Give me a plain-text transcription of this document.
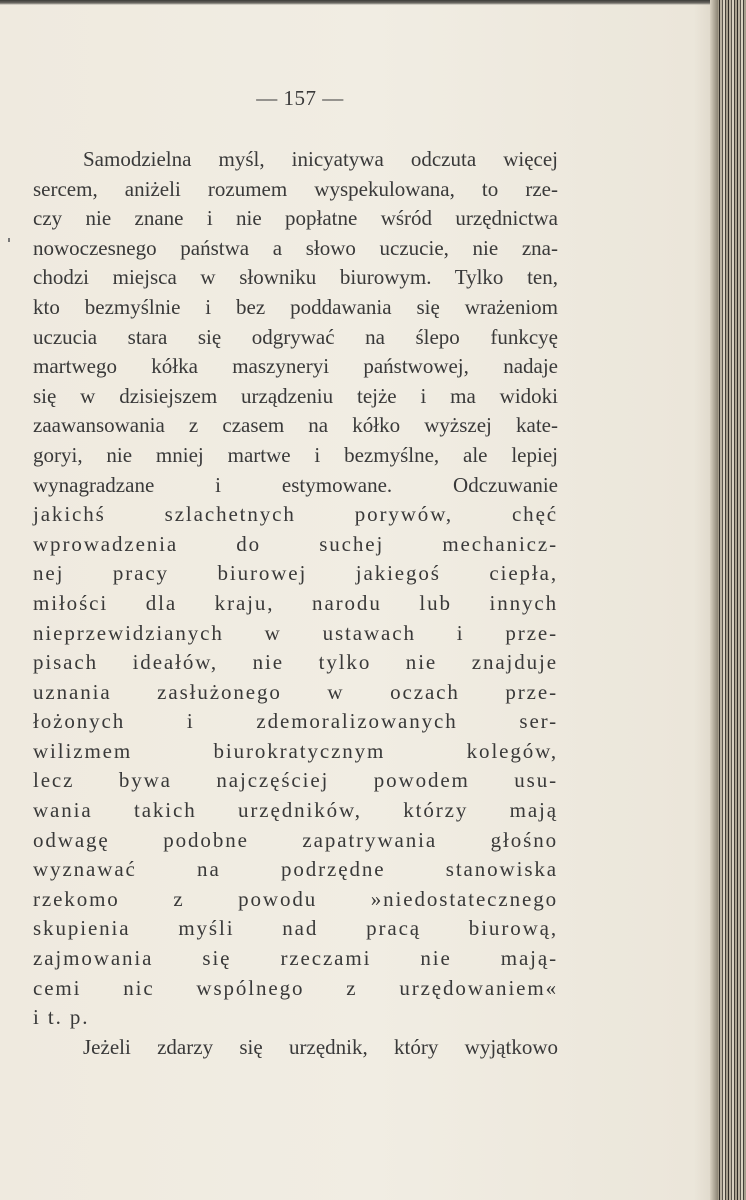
— 157 —
Samodzielna myśl, inicyatywa odczuta więcej
sercem, aniżeli rozumem wyspekulowana, to rze-
czy nie znane i nie popłatne wśród urzędnictwa
nowoczesnego państwa a słowo uczucie, nie zna-
chodzi miejsca w słowniku biurowym. Tylko ten,
kto bezmyślnie i bez poddawania się wrażeniom
uczucia stara się odgrywać na ślepo funkcyę
martwego kółka maszyneryi państwowej, nadaje
się w dzisiejszem urządzeniu tejże i ma widoki
zaawansowania z czasem na kółko wyższej kate-
goryi, nie mniej martwe i bezmyślne, ale lepiej
wynagradzane i estymowane. Odczuwanie
jakichś szlachetnych porywów, chęć
wprowadzenia do suchej mechanicz-
nej pracy biurowej jakiegoś ciepła,
miłości dla kraju, narodu lub innych
nieprzewidzianych w ustawach i prze-
pisach ideałów, nie tylko nie znajduje
uznania zasłużonego w oczach prze-
łożonych i zdemoralizowanych ser-
wilizmem biurokratycznym kolegów,
lecz bywa najczęściej powodem usu-
wania takich urzędników, którzy mają
odwagę podobne zapatrywania głośno
wyznawać na podrzędne stanowiska
rzekomo z powodu »niedostatecznego
skupienia myśli nad pracą biurową,
zajmowania się rzeczami nie mają-
cemi nic wspólnego z urzędowaniem«
i t. p.
Jeżeli zdarzy się urzędnik, który wyjątkowo
